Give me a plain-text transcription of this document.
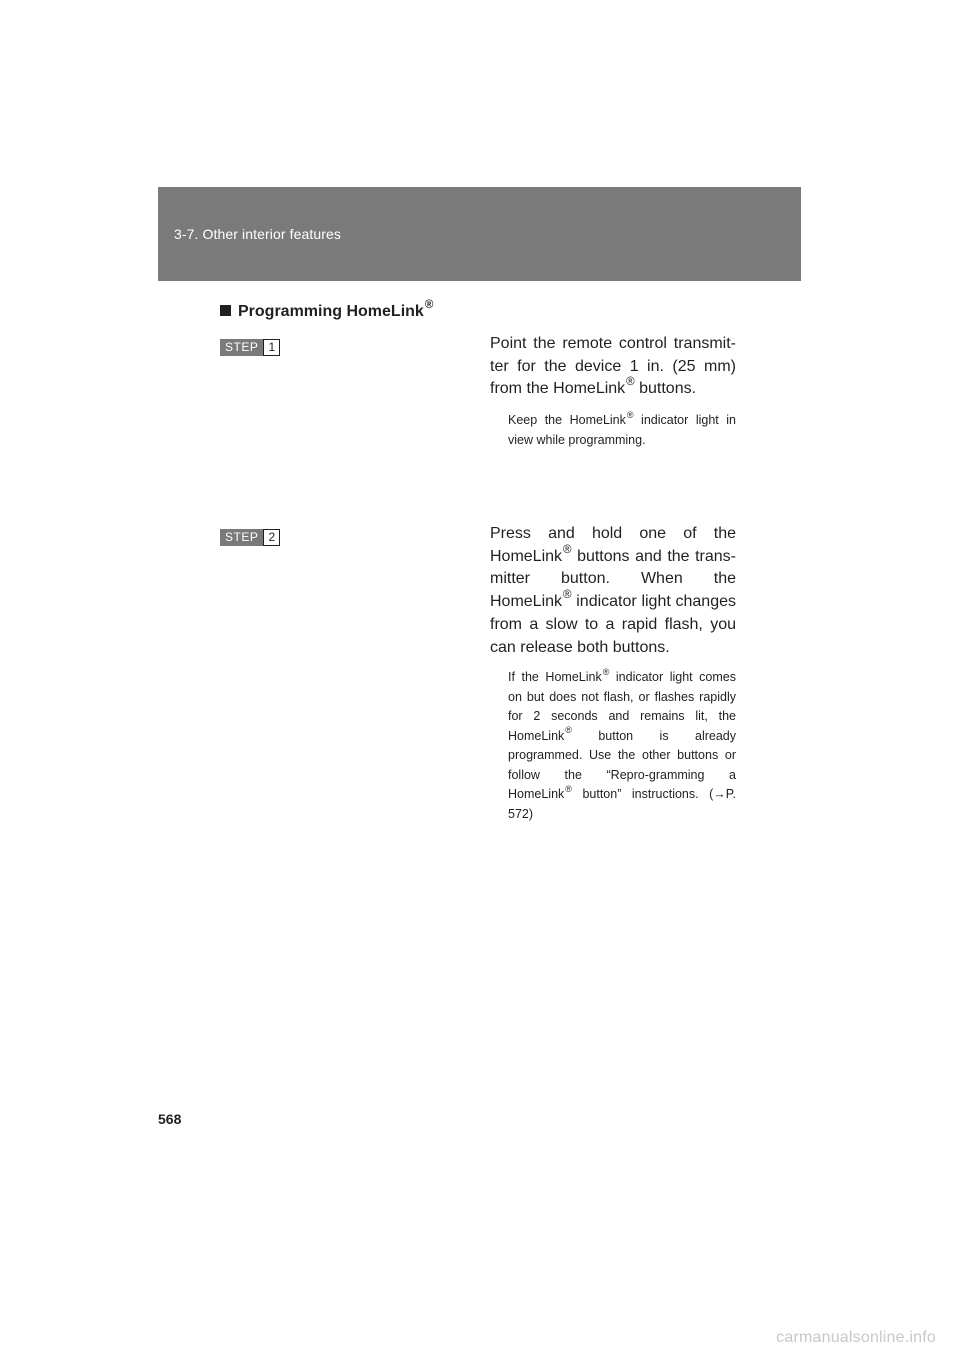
3-7. Other interior features
Programming HomeLink®
STEP 1	Point the remote control transmit-ter for the device 1 in. (25 mm) from the HomeLink® buttons.
Keep the HomeLink® indicator light in view while programming.
STEP 2	Press and hold one of the HomeLink® buttons and the trans-mitter button. When the HomeLink® indicator light changes from a slow to a rapid flash, you can release both buttons.
If the HomeLink® indicator light comes on but does not flash, or flashes rapidly for 2 seconds and remains lit, the HomeLink® button is already programmed. Use the other buttons or follow the “Repro-gramming a HomeLink® button” instructions. (→P. 572)
568
carmanualsonline.info
